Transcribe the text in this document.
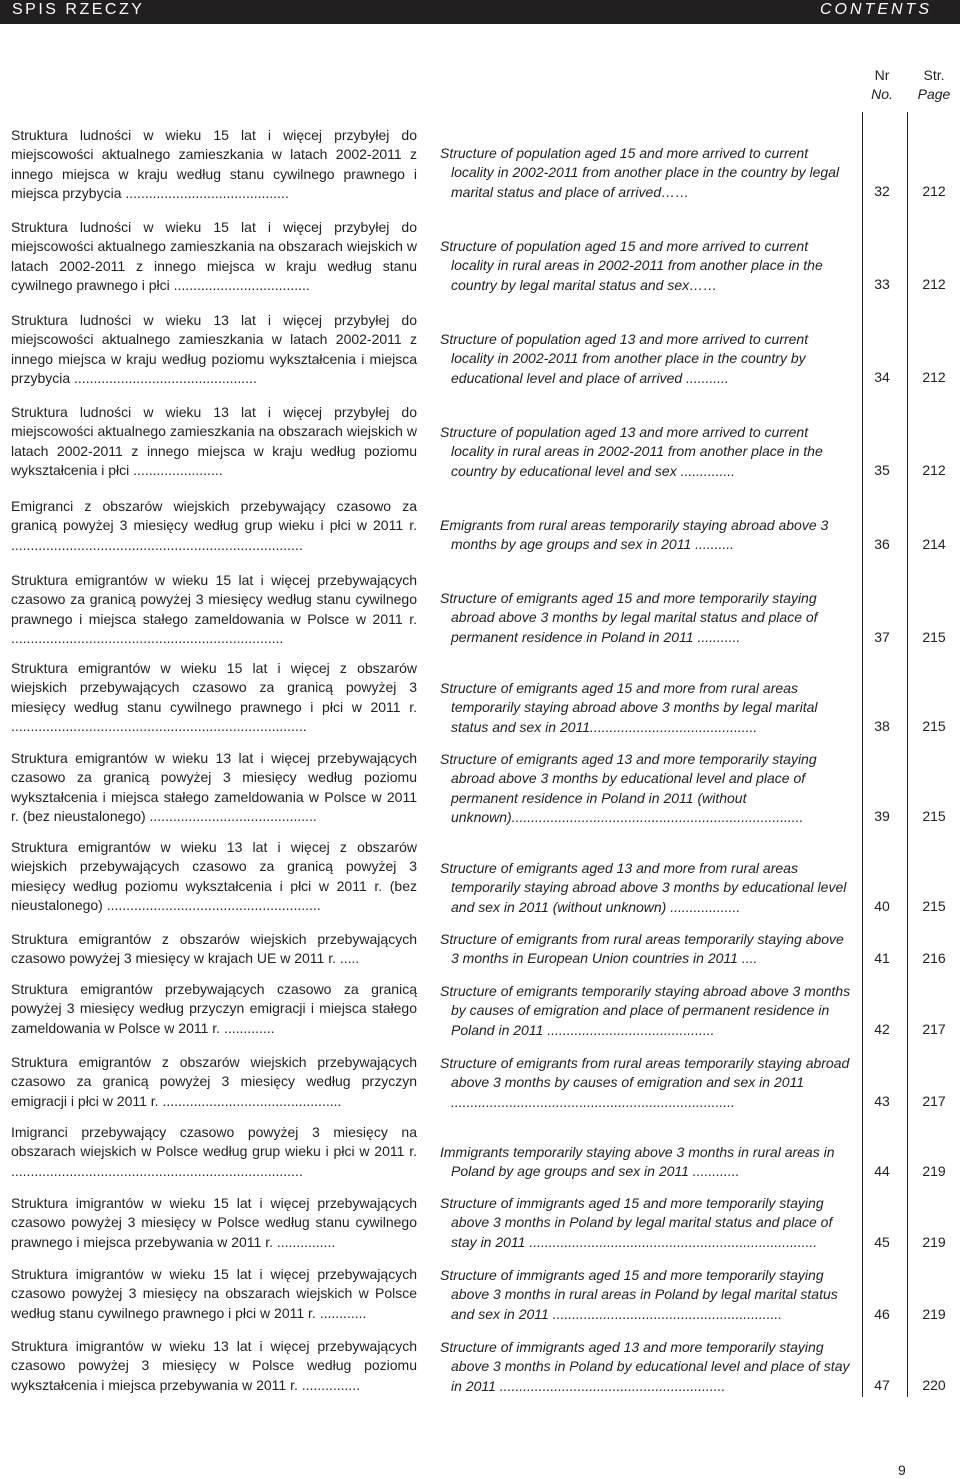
SPIS RZECZY	CONTENTS
Nr
No.
Str.
Page
Struktura ludności w wieku 15 lat i więcej przybyłej do miejscowości aktualnego zamieszkania w latach 2002-2011 z innego miejsca w kraju według stanu cywilnego prawnego i miejsca przybycia ..........................................
Structure of population aged 15 and more arrived to current locality in 2002-2011 from another place in the country by legal marital status and place of arrived……	32	212
Struktura ludności w wieku 15 lat i więcej przybyłej do miejscowości aktualnego zamieszkania na obszarach wiejskich w latach 2002-2011 z innego miejsca w kraju według stanu cywilnego prawnego i płci ...................................
Structure of population aged 15 and more arrived to current locality in rural areas in 2002-2011 from another place in the country by legal marital status and sex……	33	212
Struktura ludności w wieku 13 lat i więcej przybyłej do miejscowości aktualnego zamieszkania w latach 2002-2011 z innego miejsca w kraju według poziomu wykształcenia i miejsca przybycia ...............................................
Structure of population aged 13 and more arrived to current locality in 2002-2011 from another place in the country by educational level and place of arrived ...........	34	212
Struktura ludności w wieku 13 lat i więcej przybyłej do miejscowości aktualnego zamieszkania na obszarach wiejskich w latach 2002-2011 z innego miejsca w kraju według poziomu wykształcenia i płci .......................
Structure of population aged 13 and more arrived to current locality in rural areas in 2002-2011 from another place in the country by educational level and sex ..............	35	212
Emigranci z obszarów wiejskich przebywający czasowo za granicą powyżej 3 miesięcy według grup wieku i płci w 2011 r. ...........................................................................
Emigrants from rural areas temporarily staying abroad above 3 months by age groups and sex in 2011 ..........	36	214
Struktura emigrantów w wieku 15 lat i więcej przebywających czasowo za granicą powyżej 3 miesięcy według stanu cywilnego prawnego i miejsca stałego zameldowania w Polsce w 2011 r. ......................................................................
Structure of emigrants aged 15 and more temporarily staying abroad above 3 months by legal marital status and place of permanent residence in Poland in 2011 ...........	37	215
Struktura emigrantów w wieku 15 lat i więcej z obszarów wiejskich przebywających czasowo za granicą powyżej 3 miesięcy według stanu cywilnego prawnego i płci w 2011 r. ............................................................................
Structure of emigrants aged 15 and more from rural areas temporarily staying abroad above 3 months by legal marital status and sex in 2011...........................................	38	215
Struktura emigrantów w wieku 13 lat i więcej przebywających czasowo za granicą powyżej 3 miesięcy według poziomu wykształcenia i miejsca stałego zameldowania w Polsce w 2011 r. (bez nieustalonego) ...........................................
Structure of emigrants aged 13 and more temporarily staying abroad above 3 months by educational level and place of permanent residence in Poland in 2011 (without unknown)...........................................................................	39	215
Struktura emigrantów w wieku 13 lat i więcej z obszarów wiejskich przebywających czasowo za granicą powyżej 3 miesięcy według poziomu wykształcenia i płci w 2011 r. (bez nieustalonego) .......................................................
Structure of emigrants aged 13 and more from rural areas temporarily staying abroad above 3 months by educational level and sex in 2011 (without unknown) ..................	40	215
Struktura emigrantów z obszarów wiejskich przebywających czasowo powyżej 3 miesięcy w krajach UE w 2011 r. .....
Structure of emigrants from rural areas temporarily staying above 3 months in European Union countries in 2011 ....	41	216
Struktura emigrantów przebywających czasowo za granicą powyżej 3 miesięcy według przyczyn emigracji i miejsca stałego zameldowania w Polsce w 2011 r. .............
Structure of emigrants temporarily staying abroad above 3 months by causes of emigration and place of permanent residence in Poland in 2011 ...........................................	42	217
Struktura emigrantów z obszarów wiejskich przebywających czasowo za granicą powyżej 3 miesięcy według przyczyn emigracji i płci w 2011 r. ..............................................
Structure of emigrants from rural areas temporarily staying abroad above 3 months by causes of emigration and sex in 2011 .........................................................................	43	217
Imigranci przebywający czasowo powyżej 3 miesięcy na obszarach wiejskich w Polsce według grup wieku i płci w 2011 r. ...........................................................................
Immigrants temporarily staying above 3 months in rural areas in Poland by age groups and sex in 2011 ............	44	219
Struktura imigrantów w wieku 15 lat i więcej przebywających czasowo powyżej 3 miesięcy w Polsce według stanu cywilnego prawnego i miejsca przebywania w 2011 r. ...............
Structure of immigrants aged 15 and more temporarily staying above 3 months in Poland by legal marital status and place of stay in 2011 ..........................................................................	45	219
Struktura imigrantów w wieku 15 lat i więcej przebywających czasowo powyżej 3 miesięcy na obszarach wiejskich w Polsce według stanu cywilnego prawnego i płci w 2011 r. ............
Structure of immigrants aged 15 and more temporarily staying above 3 months in rural areas in Poland by legal marital status and sex in 2011 ...........................................................	46	219
Struktura imigrantów w wieku 13 lat i więcej przebywających czasowo powyżej 3 miesięcy w Polsce według poziomu wykształcenia i miejsca przebywania w 2011 r. ...............
Structure of immigrants aged 13 and more temporarily staying above 3 months in Poland by educational level and place of stay in 2011 ..........................................................	47	220
9
